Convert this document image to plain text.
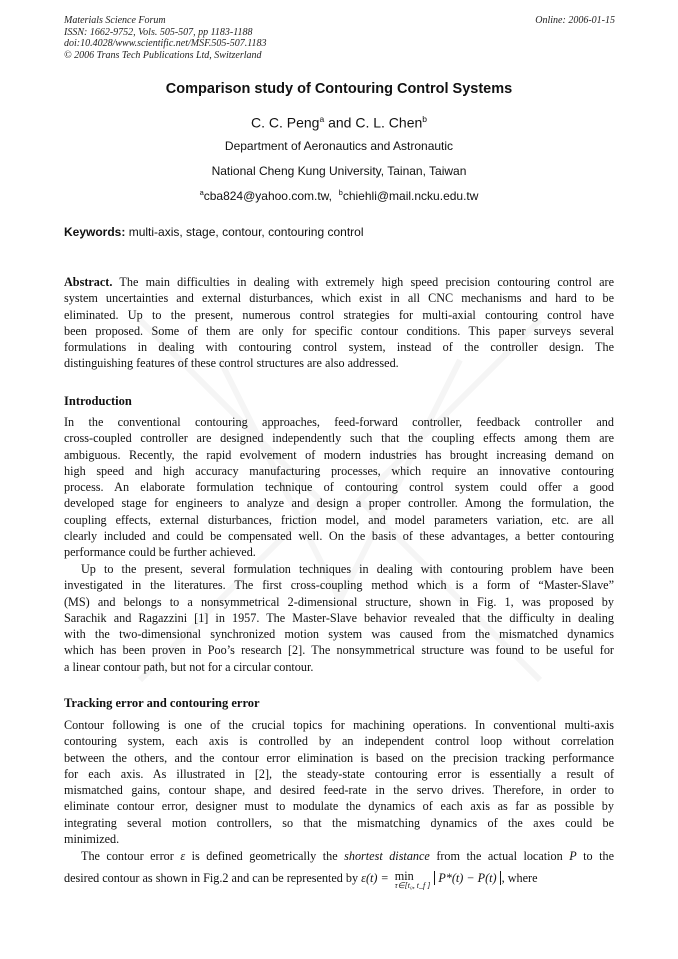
Materials Science Forum
ISSN: 1662-9752, Vols. 505-507, pp 1183-1188
doi:10.4028/www.scientific.net/MSF.505-507.1183
© 2006 Trans Tech Publications Ltd, Switzerland
Online: 2006-01-15
Comparison study of Contouring Control Systems
C. C. Peng$^a$ and C. L. Chen$^b$
Department of Aeronautics and Astronautic
National Cheng Kung University, Tainan, Taiwan
$^a$cba824@yahoo.com.tw, $^b$chiehli@mail.ncku.edu.tw
Keywords: multi-axis, stage, contour, contouring control
Abstract. The main difficulties in dealing with extremely high speed precision contouring control are
system uncertainties and external disturbances, which exist in all CNC mechanisms and hard to be
eliminated. Up to the present, numerous control strategies for multi-axial contouring control have
been proposed. Some of them are only for specific contour conditions. This paper surveys several
formulations in dealing with contouring control system, instead of the controller design. The
distinguishing features of these control structures are also addressed.
Introduction
In the conventional contouring approaches, feed-forward controller, feedback controller and
cross-coupled controller are designed independently such that the coupling effects among them are
ambiguous. Recently, the rapid evolvement of modern industries has brought increasing demand on
high speed and high accuracy manufacturing processes, which require an innovative contouring
process. An elaborate formulation technique of contouring control system could offer a good
developed stage for engineers to analyze and design a proper controller. Among the formulation, the
coupling effects, external disturbances, friction model, and model parameters variation, etc. are all
clearly included and could be compensated well. On the basis of these advantages, a better contouring
performance could be further achieved.
Up to the present, several formulation techniques in dealing with contouring problem have been
investigated in the literatures. The first cross-coupling method which is a form of “Master-Slave”
(MS) and belongs to a nonsymmetrical 2-dimensional structure, shown in Fig. 1, was proposed by
Sarachik and Ragazzini [1] in 1957. The Master-Slave behavior revealed that the difficulty in dealing
with the two-dimensional synchronized motion system was caused from the mismatched dynamics
which has been proven in Poo’s research [2]. The nonsymmetrical structure was found to be useful for
a linear contour path, but not for a circular contour.
Tracking error and contouring error
Contour following is one of the crucial topics for machining operations. In conventional multi-axis
contouring system, each axis is controlled by an independent control loop without correlation
between the others, and the contour error elimination is based on the precision tracking performance
for each axis. As illustrated in [2], the steady-state contouring error is essentially a result of
mismatched gains, contour shape, and desired feed-rate in the servo drives. Therefore, in order to
eliminate contour error, designer must to modulate the dynamics of each axis as far as possible by
integrating several motion controllers, so that the mismatching dynamics of the axes could be
minimized.
The contour error ε is defined geometrically the shortest distance from the actual location P to the
desired contour as shown in Fig.2 and can be represented by ε(t) = min
τ∈[t₀, t_f ]
P*(t) − P(t) , where
